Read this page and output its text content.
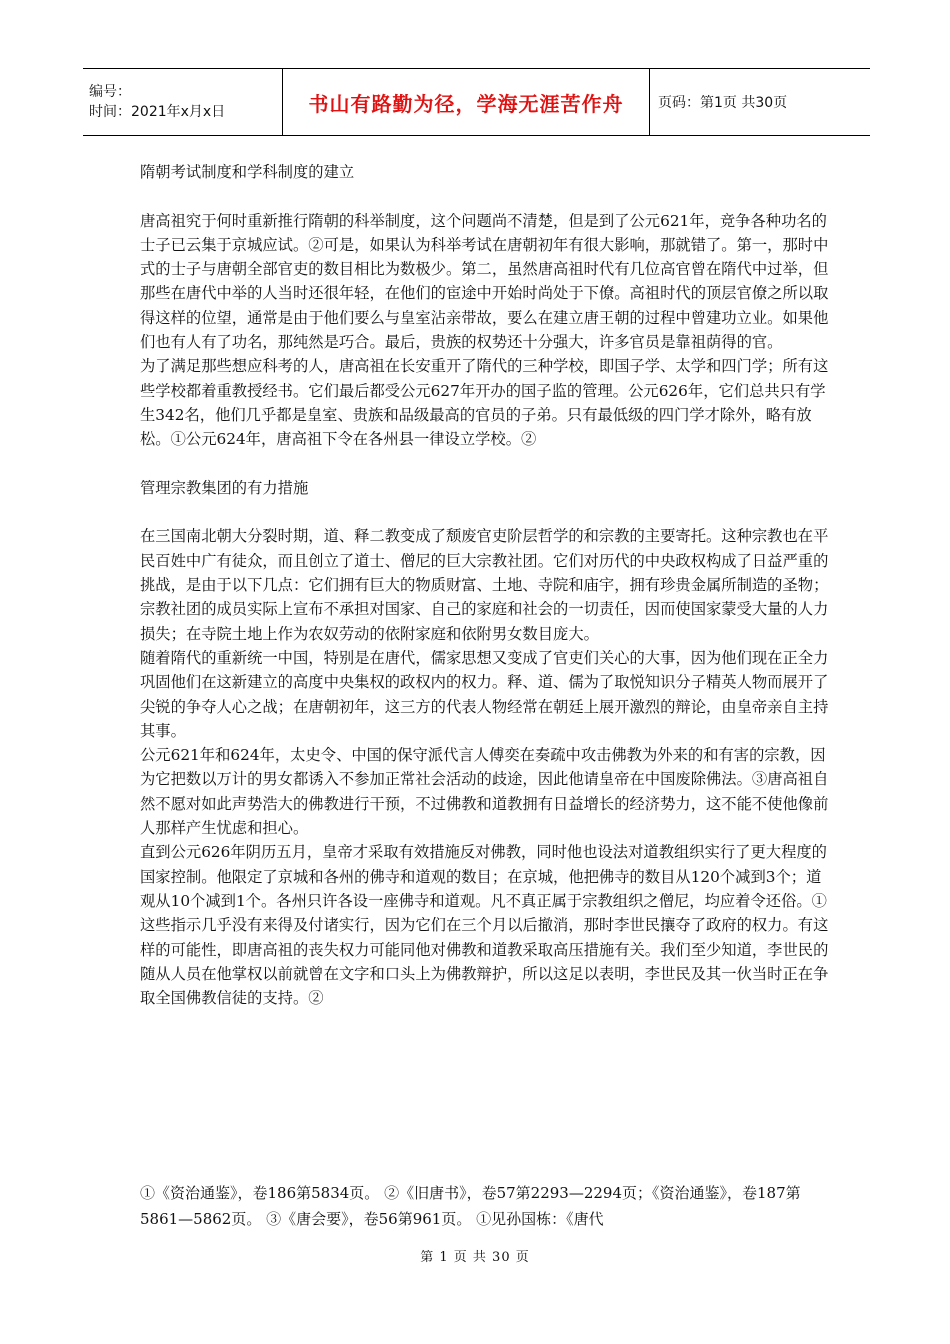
编号：
时间：2021年x月x日	书山有路勤为径，学海无涯苦作舟 页码：第1页 共30页

隋朝考试制度和学科制度的建立

唐高祖究于何时重新推行隋朝的科举制度，这个问题尚不清楚，但是到了公元621年，竞争各种功名的士子已云集于京城应试。②可是，如果认为科举考试在唐朝初年有很大影响，那就错了。第一，那时中式的士子与唐朝全部官吏的数目相比为数极少。第二，虽然唐高祖时代有几位高官曾在隋代中过举，但那些在唐代中举的人当时还很年轻，在他们的宦途中开始时尚处于下僚。高祖时代的顶层官僚之所以取得这样的位望，通常是由于他们要么与皇室沾亲带故，要么在建立唐王朝的过程中曾建功立业。如果他们也有人有了功名，那纯然是巧合。最后，贵族的权势还十分强大，许多官员是靠祖荫得的官。

为了满足那些想应科考的人，唐高祖在长安重开了隋代的三种学校，即国子学、太学和四门学；所有这些学校都着重教授经书。它们最后都受公元627年开办的国子监的管理。公元626年，它们总共只有学生342名，他们几乎都是皇室、贵族和品级最高的官员的子弟。只有最低级的四门学才除外，略有放松。①公元624年，唐高祖下令在各州县一律设立学校。②

管理宗教集团的有力措施

在三国南北朝大分裂时期，道、释二教变成了颓废官吏阶层哲学的和宗教的主要寄托。这种宗教也在平民百姓中广有徒众，而且创立了道士、僧尼的巨大宗教社团。它们对历代的中央政权构成了日益严重的挑战，是由于以下几点：它们拥有巨大的物质财富、土地、寺院和庙宇，拥有珍贵金属所制造的圣物；宗教社团的成员实际上宣布不承担对国家、自己的家庭和社会的一切责任，因而使国家蒙受大量的人力损失；在寺院土地上作为农奴劳动的依附家庭和依附男女数目庞大。

随着隋代的重新统一中国，特别是在唐代，儒家思想又变成了官吏们关心的大事，因为他们现在正全力巩固他们在这新建立的高度中央集权的政权内的权力。释、道、儒为了取悦知识分子精英人物而展开了尖锐的争夺人心之战；在唐朝初年，这三方的代表人物经常在朝廷上展开激烈的辩论，由皇帝亲自主持其事。

公元621年和624年，太史令、中国的保守派代言人傅奕在奏疏中攻击佛教为外来的和有害的宗教，因为它把数以万计的男女都诱入不参加正常社会活动的歧途，因此他请皇帝在中国废除佛法。③唐高祖自然不愿对如此声势浩大的佛教进行干预，不过佛教和道教拥有日益增长的经济势力，这不能不使他像前人那样产生忧虑和担心。

直到公元626年阴历五月，皇帝才采取有效措施反对佛教，同时他也设法对道教组织实行了更大程度的国家控制。他限定了京城和各州的佛寺和道观的数目；在京城，他把佛寺的数目从120个减到3个；道观从10个减到1个。各州只许各设一座佛寺和道观。凡不真正属于宗教组织之僧尼，均应着令还俗。①这些指示几乎没有来得及付诸实行，因为它们在三个月以后撤消，那时李世民攘夺了政府的权力。有这样的可能性，即唐高祖的丧失权力可能同他对佛教和道教采取高压措施有关。我们至少知道，李世民的随从人员在他掌权以前就曾在文字和口头上为佛教辩护，所以这足以表明，李世民及其一伙当时正在争取全国佛教信徒的支持。②

①《资治通鉴》，卷186第5834页。 ②《旧唐书》，卷57第2293—2294页；《资治通鉴》，卷187第5861—5862页。 ③《唐会要》，卷56第961页。 ①见孙国栋：《唐代
第 1 页 共 30 页
